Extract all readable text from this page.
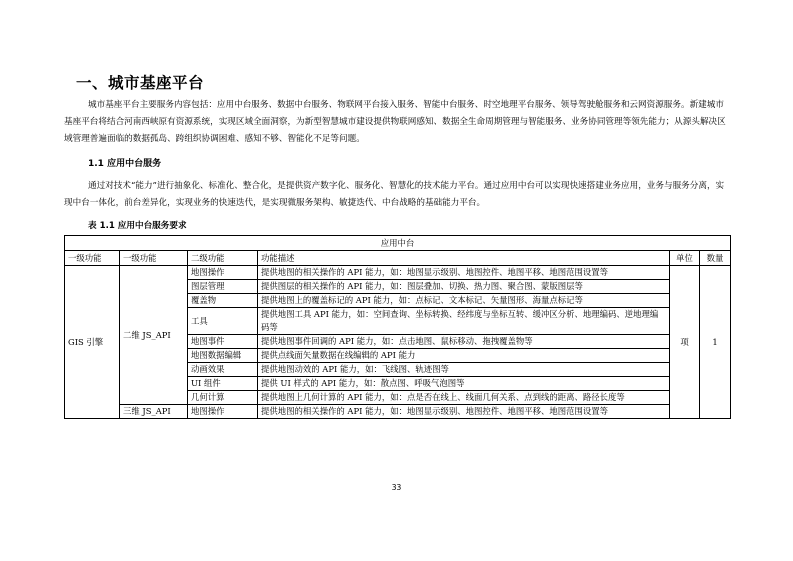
一、城市基座平台
城市基座平台主要服务内容包括：应用中台服务、数据中台服务、物联网平台接入服务、智能中台服务、时空地理平台服务、领导驾驶舱服务和云网资源服务。新建城市基座平台将结合河南西峡原有资源系统，实现区域全面洞察，为新型智慧城市建设提供物联网感知、数据全生命周期管理与智能服务、业务协同管理等领先能力；从源头解决区域管理普遍面临的数据孤岛、跨组织协调困难、感知不够、智能化不足等问题。
1.1 应用中台服务
通过对技术“能力”进行抽象化、标准化、整合化，是提供资产数字化、服务化、智慧化的技术能力平台。通过应用中台可以实现快速搭建业务应用，业务与服务分离，实现中台一体化，前台差异化，实现业务的快速迭代，是实现微服务架构、敏捷迭代、中台战略的基础能力平台。
表 1.1 应用中台服务要求
应用中台					
一级功能	一级功能	二级功能	功能描述	单位	数量
GIS 引擎	二维 JS_API	地图操作	提供地图的相关操作的 API 能力，如：地图显示级别、地图控件、地图平移、地图范围设置等	项	1
		图层管理	提供图层的相关操作的 API 能力，如：图层叠加、切换、热力图、聚合图、蒙版图层等		
		覆盖物	提供地图上的覆盖标记的 API 能力，如：点标记、文本标记、矢量图形、海量点标记等		
		工具	提供地图工具 API 能力，如：空间查询、坐标转换、经纬度与坐标互转、缓冲区分析、地理编码、逆地理编码等		
		地图事件	提供地图事件回调的 API 能力，如：点击地图、鼠标移动、拖拽覆盖物等		
		地图数据编辑	提供点线面矢量数据在线编辑的 API 能力		
		动画效果	提供地图动效的 API 能力，如：飞线图、轨迹图等		
		UI 组件	提供 UI 样式的 API 能力，如：散点图、呼吸气泡图等		
		几何计算	提供地图上几何计算的 API 能力，如：点是否在线上、线面几何关系、点到线的距离、路径长度等		
	三维 JS_API	地图操作	提供地图的相关操作的 API 能力，如：地图显示级别、地图控件、地图平移、地图范围设置等		
33
